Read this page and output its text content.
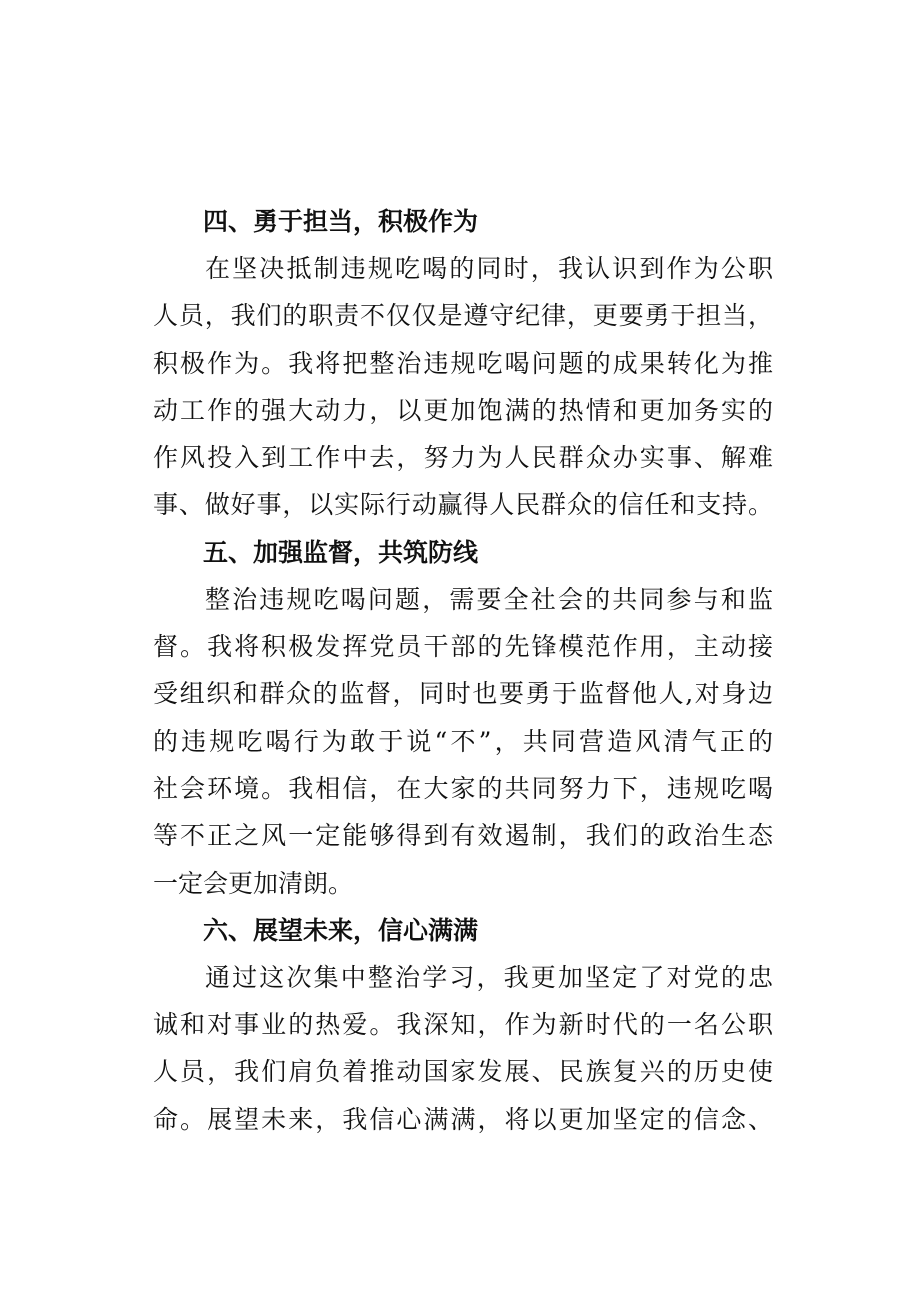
四、勇于担当，积极作为
在坚决抵制违规吃喝的同时，我认识到作为公职
人员，我们的职责不仅仅是遵守纪律，更要勇于担当，
积极作为。我将把整治违规吃喝问题的成果转化为推
动工作的强大动力，以更加饱满的热情和更加务实的
作风投入到工作中去，努力为人民群众办实事、解难
事、做好事，以实际行动赢得人民群众的信任和支持。
五、加强监督，共筑防线
整治违规吃喝问题，需要全社会的共同参与和监
督。我将积极发挥党员干部的先锋模范作用，主动接
受组织和群众的监督，同时也要勇于监督他人,对身边
的违规吃喝行为敢于说“不”，共同营造风清气正的
社会环境。我相信，在大家的共同努力下，违规吃喝
等不正之风一定能够得到有效遏制，我们的政治生态
一定会更加清朗。
六、展望未来，信心满满
通过这次集中整治学习，我更加坚定了对党的忠
诚和对事业的热爱。我深知，作为新时代的一名公职
人员，我们肩负着推动国家发展、民族复兴的历史使
命。展望未来，我信心满满，将以更加坚定的信念、
